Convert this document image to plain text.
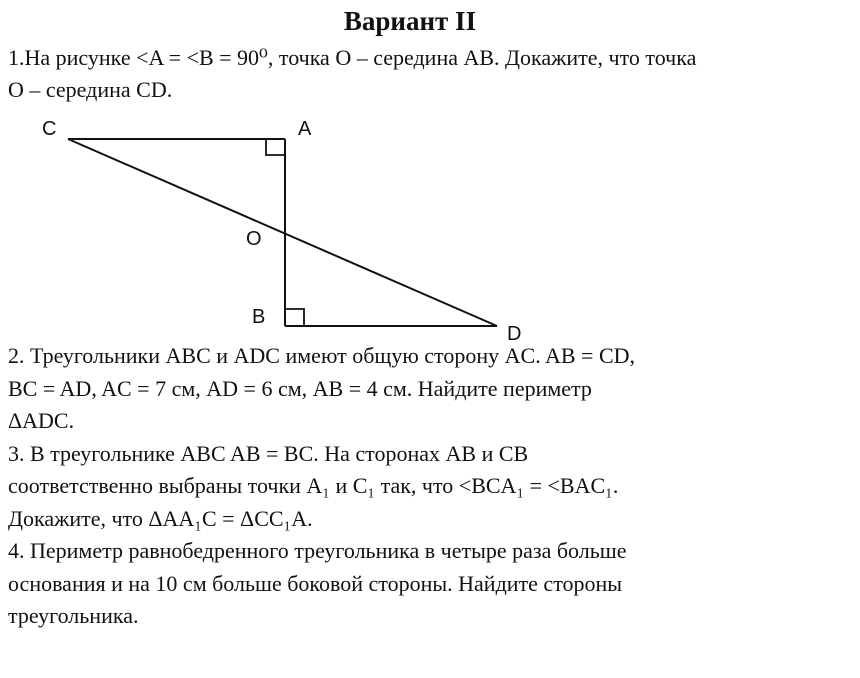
Вариант II
1.На рисунке <A = <B = 90⁰, точка O – середина AB. Докажите, что точка
O – середина CD.
C	A
O
B
D
2. Треугольники ABC и ADC имеют общую сторону AC. AB = CD,
BC = AD, AC = 7 см, AD = 6 см, AB = 4 см. Найдите периметр
ΔADC.
3. В треугольнике ABC AB = BC. На сторонах AB и CB
соответственно выбраны точки A₁ и C₁ так, что <BCA₁ = <BAC₁.
Докажите, что ΔAA₁C = ΔCC₁A.
4. Периметр равнобедренного треугольника в четыре раза больше
основания и на 10 см больше боковой стороны. Найдите стороны
треугольника.
